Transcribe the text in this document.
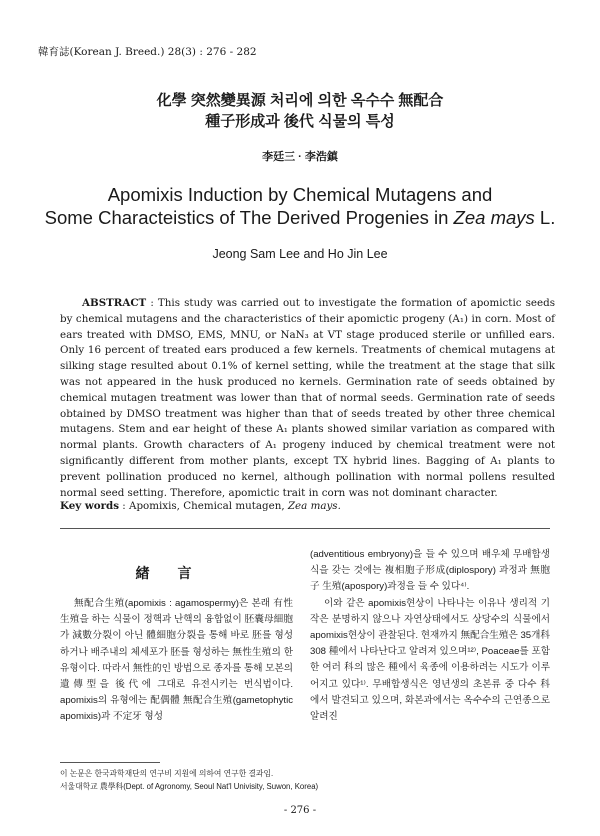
韓育誌(Korean J. Breed.) 28(3) : 276 - 282
化學 突然變異源 처리에 의한 옥수수 無配合
種子形成과 後代 식물의 특성
李廷三 · 李浩鎮
Apomixis Induction by Chemical Mutagens and
Some Characteistics of The Derived Progenies in Zea mays L.
Jeong Sam Lee and Ho Jin Lee
ABSTRACT : This study was carried out to investigate the formation of apomictic seeds by chemical mutagens and the characteristics of their apomictic progeny (A₁) in corn. Most of ears treated with DMSO, EMS, MNU, or NaN₃ at VT stage produced sterile or unfilled ears. Only 16 percent of treated ears produced a few kernels. Treatments of chemical mutagens at silking stage resulted about 0.1% of kernel setting, while the treatment at the stage that silk was not appeared in the husk produced no kernels. Germination rate of seeds obtained by chemical mutagen treatment was lower than that of normal seeds. Germination rate of seeds obtained by DMSO treatment was higher than that of seeds treated by other three chemical mutagens. Stem and ear height of these A₁ plants showed similar variation as compared with normal plants. Growth characters of A₁ progeny induced by chemical treatment were not significantly different from mother plants, except TX hybrid lines. Bagging of A₁ plants to prevent pollination produced no kernel, although pollination with normal pollens resulted normal seed setting. Therefore, apomictic trait in corn was not dominant character.
Key words : Apomixis, Chemical mutagen, Zea mays.
緖言

無配合生殖(apomixis : agamospermy)은 본래 有性生殖을 하는 식물이 정핵과 난핵의 융합없이 胚囊母細胞가 減數分裂이 아닌 體細胞分裂을 통해 바로 胚를 형성하거나 배주내의 체세포가 胚를 형성하는 無性生殖의 한 유형이다. 따라서 無性的인 방법으로 종자를 통해 모본의 遺傳型을 後代에 그대로 유전시키는 번식법이다. apomixis의 유형에는 配偶體 無配合生殖(gametophytic apomixis)과 不定牙 형성

(adventitious embryony)을 들 수 있으며 배우체 무배합생식을 갖는 것에는 複相胞子形成(diplospory) 과정과 無胞子 生殖(apospory)과정을 들 수 있다⁴⁾.

이와 같은 apomixis현상이 나타나는 이유나 생리적 기작은 분명하지 않으나 자연상태에서도 상당수의 식물에서 apomixis현상이 관찰된다. 현재까지 無配合生殖은 35개科 308 種에서 나타난다고 알려져 있으며¹²⁾, Poaceae를 포함한 여러 科의 많은 種에서 육종에 이용하려는 시도가 이루어지고 있다¹⁾. 무배합생식은 영년생의 초본류 중 다수 科에서 발견되고 있으며, 화본과에서는 옥수수의 근연종으로 알려진

이 논문은 한국과학재단의 연구비 지원에 의하여 연구한 결과임.
서울대학교 農學科(Dept. of Agronomy, Seoul Nat'l Univisity, Suwon, Korea)
- 276 -
